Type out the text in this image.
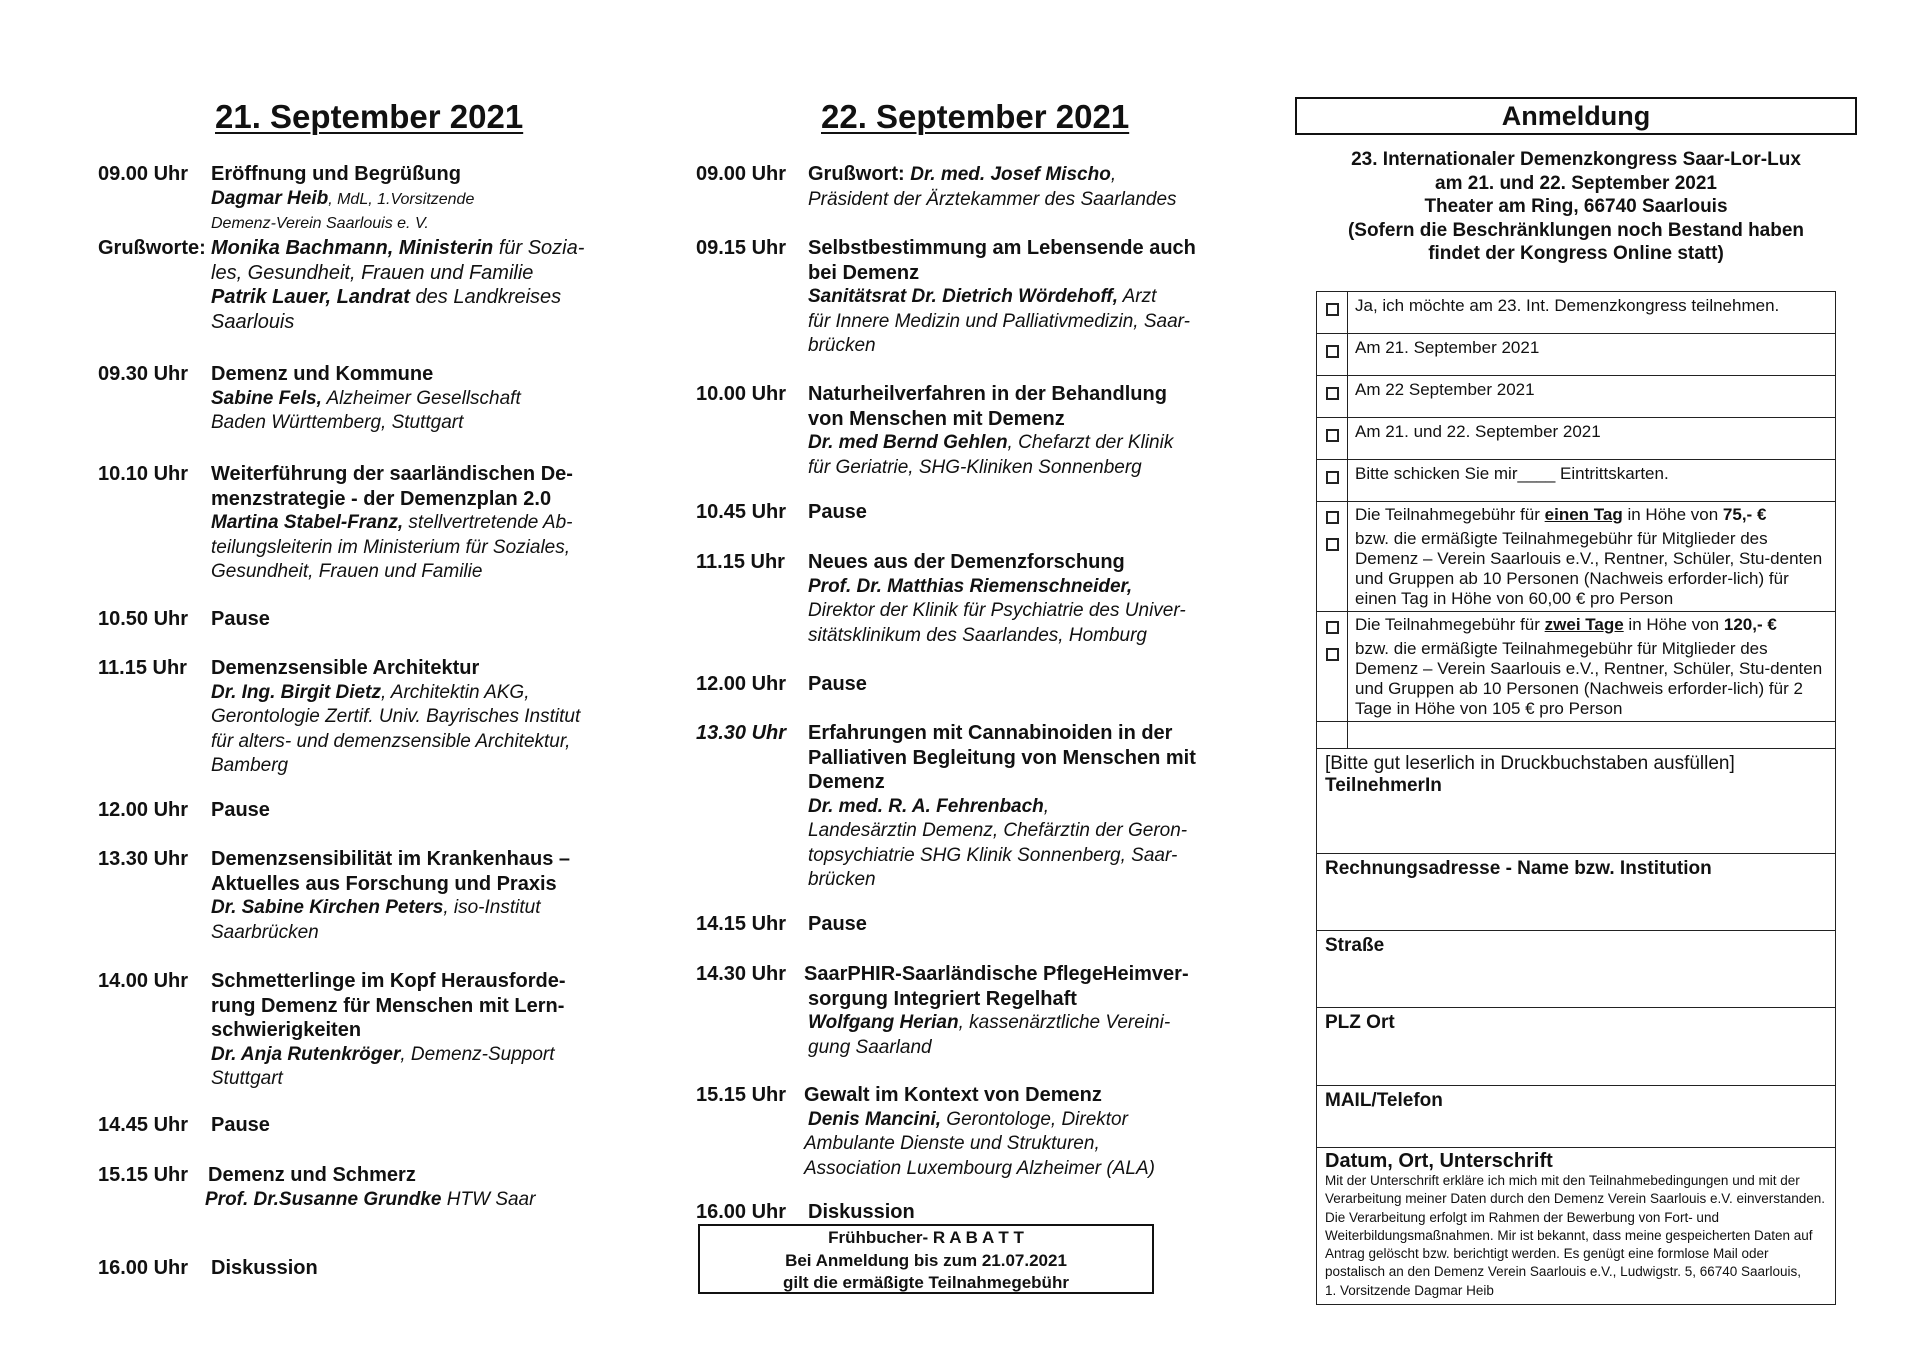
21. September 2021
09.00 Uhr Eröffnung und Begrüßung
Dagmar Heib, MdL, 1.Vorsitzende
Demenz-Verein Saarlouis e. V.
Grußworte: Monika Bachmann, Ministerin für Sozia-
les, Gesundheit, Frauen und Familie
Patrik Lauer, Landrat des Landkreises
Saarlouis
09.30 Uhr Demenz und Kommune
Sabine Fels, Alzheimer Gesellschaft
Baden Württemberg, Stuttgart
10.10 Uhr Weiterführung der saarländischen De-
menzstrategie - der Demenzplan 2.0
Martina Stabel-Franz, stellvertretende Ab-
teilungsleiterin im Ministerium für Soziales,
Gesundheit, Frauen und Familie
10.50 Uhr Pause
11.15 Uhr Demenzsensible Architektur
Dr. Ing. Birgit Dietz, Architektin AKG,
Gerontologie Zertif. Univ. Bayrisches Institut
für alters- und demenzsensible Architektur,
Bamberg
12.00 Uhr Pause
13.30 Uhr Demenzsensibilität im Krankenhaus –
Aktuelles aus Forschung und Praxis
Dr. Sabine Kirchen Peters, iso-Institut
Saarbrücken
14.00 Uhr Schmetterlinge im Kopf Herausforde-
rung Demenz für Menschen mit Lern-
schwierigkeiten
Dr. Anja Rutenkröger, Demenz-Support
Stuttgart
14.45 Uhr Pause
15.15 Uhr Demenz und Schmerz
Prof. Dr.Susanne Grundke HTW Saar
16.00 Uhr Diskussion
22. September 2021
09.00 Uhr Grußwort: Dr. med. Josef Mischo,
Präsident der Ärztekammer des Saarlandes
09.15 Uhr Selbstbestimmung am Lebensende auch
bei Demenz
Sanitätsrat Dr. Dietrich Wördehoff, Arzt
für Innere Medizin und Palliativmedizin, Saar-
brücken
10.00 Uhr Naturheilverfahren in der Behandlung
von Menschen mit Demenz
Dr. med Bernd Gehlen, Chefarzt der Klinik
für Geriatrie, SHG-Kliniken Sonnenberg
10.45 Uhr Pause
11.15 Uhr Neues aus der Demenzforschung
Prof. Dr. Matthias Riemenschneider,
Direktor der Klinik für Psychiatrie des Univer-
sitätsklinikum des Saarlandes, Homburg
12.00 Uhr Pause
13.30 Uhr Erfahrungen mit Cannabinoiden in der
Palliativen Begleitung von Menschen mit
Demenz
Dr. med. R. A. Fehrenbach,
Landesärztin Demenz, Chefärztin der Geron-
topsychiatrie SHG Klinik Sonnenberg, Saar-
brücken
14.15 Uhr Pause
14.30 Uhr SaarPHIR-Saarländische PflegeHeimver-
sorgung Integriert Regelhaft
Wolfgang Herian, kassenärztliche Vereini-
gung Saarland
15.15 Uhr Gewalt im Kontext von Demenz
Denis Mancini, Gerontologe, Direktor
Ambulante Dienste und Strukturen,
Association Luxembourg Alzheimer (ALA)
16.00 Uhr Diskussion
Frühbucher- R A B A T T
Bei Anmeldung bis zum 21.07.2021
gilt die ermäßigte Teilnahmegebühr
Anmeldung
23. Internationaler Demenzkongress Saar-Lor-Lux
am 21. und 22. September 2021
Theater am Ring, 66740 Saarlouis
(Sofern die Beschränklungen noch Bestand haben
findet der Kongress Online statt)
	Ja, ich möchte am 23. Int. Demenzkongress teilnehmen.
	Am 21. September 2021
	Am 22 September 2021
	Am 21. und 22. September 2021
	Bitte schicken Sie mir____ Eintrittskarten.

	Die Teilnahmegebühr für einen Tag in Höhe von 75,- €
bzw. die ermäßigte Teilnahmegebühr für Mitglieder des Demenz – Verein Saarlouis e.V., Rentner, Schüler, Stu-denten und Gruppen ab 10 Personen (Nachweis erforder-lich) für einen Tag in Höhe von 60,00 € pro Person

	Die Teilnahmegebühr für zwei Tage in Höhe von 120,- €
bzw. die ermäßigte Teilnahmegebühr für Mitglieder des Demenz – Verein Saarlouis e.V., Rentner, Schüler, Stu-denten und Gruppen ab 10 Personen (Nachweis erforder-lich) für 2 Tage in Höhe von 105 € pro Person

[Bitte gut leserlich in Druckbuchstaben ausfüllen]
TeilnehmerIn	

Rechnungsadresse - Name bzw. Institution	

Straße	

PLZ Ort	

MAIL/Telefon	

Datum, Ort, Unterschrift
Mit der Unterschrift erkläre ich mich mit den Teilnahmebedingungen und mit der Verarbeitung meiner Daten durch den Demenz Verein Saarlouis e.V. einverstanden. Die Verarbeitung erfolgt im Rahmen der Bewerbung von Fort- und Weiterbildungsmaßnahmen. Mir ist bekannt, dass meine gespeicherten Daten auf Antrag gelöscht bzw. berichtigt werden. Es genügt eine formlose Mail oder postalisch an den Demenz Verein Saarlouis e.V., Ludwigstr. 5, 66740 Saarlouis,
1. Vorsitzende Dagmar Heib	
